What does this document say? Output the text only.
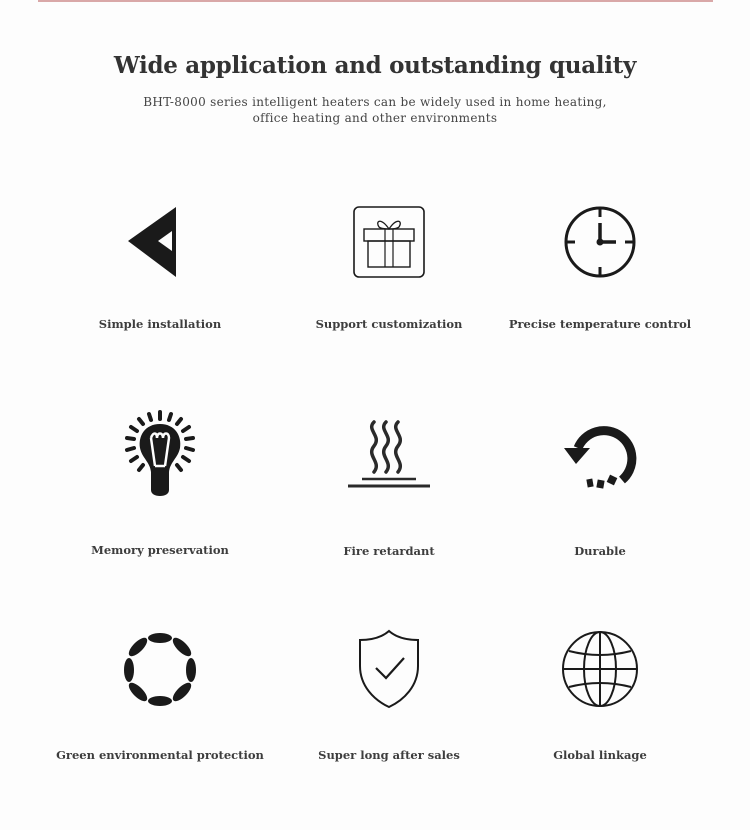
Wide application and outstanding quality
BHT-8000 series intelligent heaters can be widely used in home heating,
office heating and other environments
Simple installation	Support customization	Precise temperature control
Memory preservation	Fire retardant	Durable
Green environmental protection	Super long after sales	Global linkage
